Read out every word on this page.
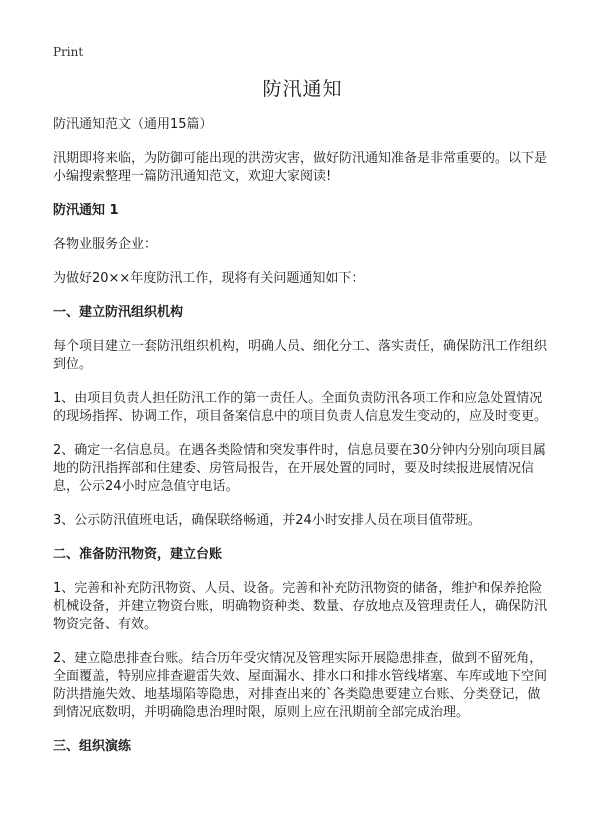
Print
防汛通知

防汛通知范文（通用15篇）

汛期即将来临，为防御可能出现的洪涝灾害，做好防汛通知准备是非常重要的。以下是小编搜索整理一篇防汛通知范文，欢迎大家阅读!

防汛通知 1

各物业服务企业：

为做好20××年度防汛工作，现将有关问题通知如下：

一、建立防汛组织机构

每个项目建立一套防汛组织机构，明确人员、细化分工、落实责任，确保防汛工作组织到位。

1、由项目负责人担任防汛工作的第一责任人。全面负责防汛各项工作和应急处置情况的现场指挥、协调工作，项目备案信息中的项目负责人信息发生变动的，应及时变更。

2、确定一名信息员。在遇各类险情和突发事件时，信息员要在30分钟内分别向项目属地的防汛指挥部和住建委、房管局报告，在开展处置的同时，要及时续报进展情况信息，公示24小时应急值守电话。

3、公示防汛值班电话，确保联络畅通，并24小时安排人员在项目值带班。

二、准备防汛物资，建立台账

1、完善和补充防汛物资、人员、设备。完善和补充防汛物资的储备，维护和保养抢险机械设备，并建立物资台账，明确物资种类、数量、存放地点及管理责任人，确保防汛物资完备、有效。

2、建立隐患排查台账。结合历年受灾情况及管理实际开展隐患排查，做到不留死角，全面覆盖，特别应排查避雷失效、屋面漏水、排水口和排水管线堵塞、车库或地下空间防洪措施失效、地基塌陷等隐患，对排查出来的`各类隐患要建立台账、分类登记，做到情况底数明，并明确隐患治理时限，原则上应在汛期前全部完成治理。

三、组织演练
